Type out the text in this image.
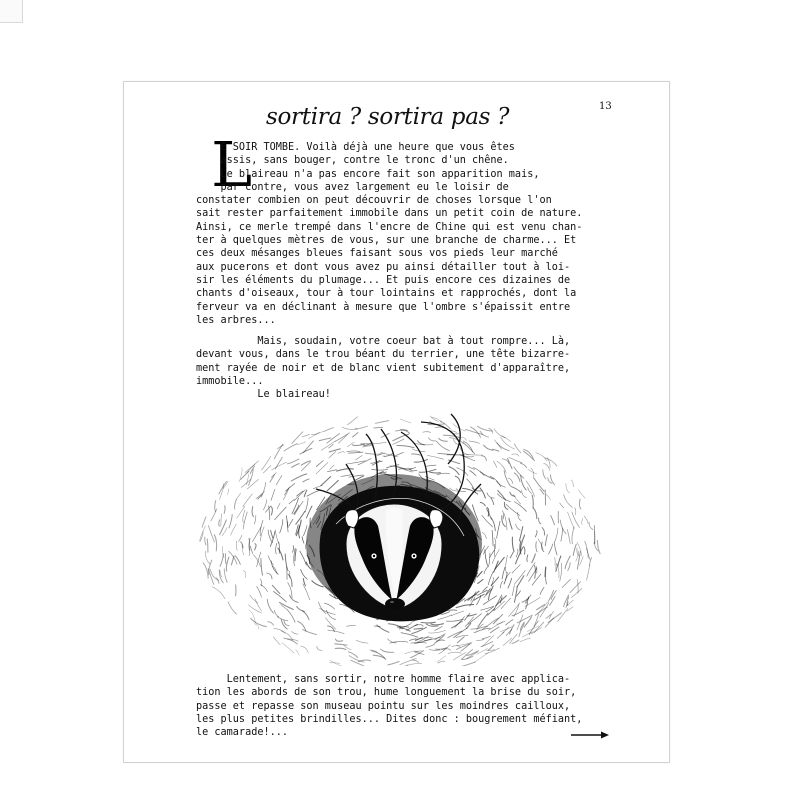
13
sortira ? sortira pas ?
L
E SOIR TOMBE. Voilà déjà une heure que vous êtes
assis, sans bouger, contre le tronc d'un chêne.
Le blaireau n'a pas encore fait son apparition mais,
par contre, vous avez largement eu le loisir de
constater combien on peut découvrir de choses lorsque l'on
sait rester parfaitement immobile dans un petit coin de nature.
Ainsi, ce merle trempé dans l'encre de Chine qui est venu chan-
ter à quelques mètres de vous, sur une branche de charme... Et
ces deux mésanges bleues faisant sous vos pieds leur marché
aux pucerons et dont vous avez pu ainsi détailler tout à loi-
sir les éléments du plumage... Et puis encore ces dizaines de
chants d'oiseaux, tour à tour lointains et rapprochés, dont la
ferveur va en déclinant à mesure que l'ombre s'épaissit entre
les arbres...
Mais, soudain, votre coeur bat à tout rompre... Là,
devant vous, dans le trou béant du terrier, une tête bizarre-
ment rayée de noir et de blanc vient subitement d'apparaître,
immobile...
Le blaireau!
Lentement, sans sortir, notre homme flaire avec applica-
tion les abords de son trou, hume longuement la brise du soir,
passe et repasse son museau pointu sur les moindres cailloux,
les plus petites brindilles... Dites donc : bougrement méfiant,
le camarade!...
